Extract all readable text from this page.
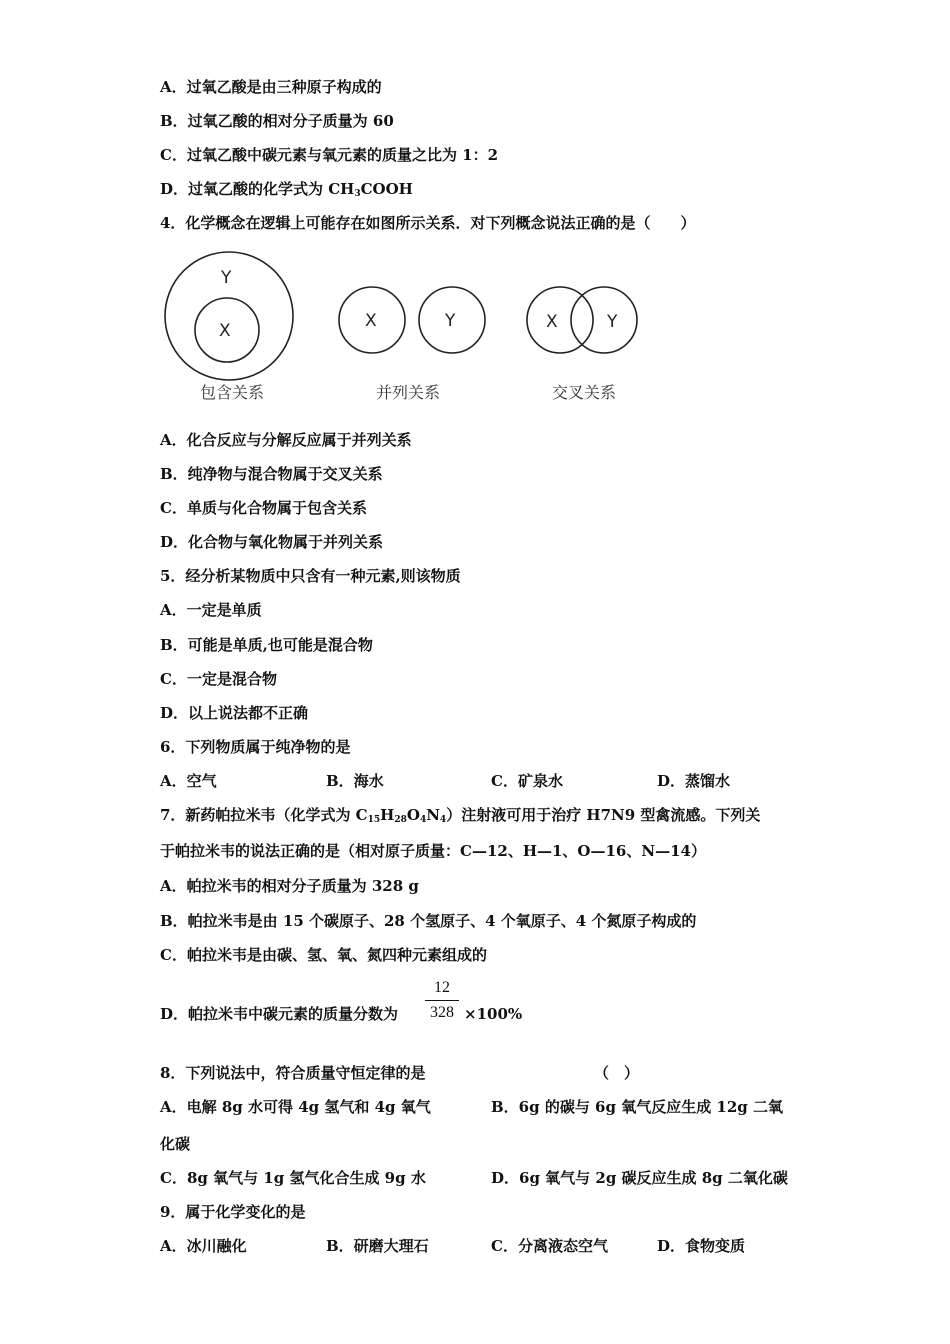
A．过氧乙酸是由三种原子构成的
B．过氧乙酸的相对分子质量为 60
C．过氧乙酸中碳元素与氧元素的质量之比为 1：2
D．过氧乙酸的化学式为 $CH_3COOH$
4．化学概念在逻辑上可能存在如图所示关系．对下列概念说法正确的是（　　）
Y
X
包含关系
X	Y
并列关系
X	Y
交叉关系
A．化合反应与分解反应属于并列关系
B．纯净物与混合物属于交叉关系
C．单质与化合物属于包含关系
D．化合物与氧化物属于并列关系
5．经分析某物质中只含有一种元素,则该物质
A．一定是单质
B．可能是单质,也可能是混合物
C．一定是混合物
D．以上说法都不正确
6．下列物质属于纯净物的是
A．空气	B．海水	C．矿泉水	D．蒸馏水
7．新药帕拉米韦（化学式为 $C_{15}H_{28}O_4N_4$）注射液可用于治疗 H7N9 型禽流感。下列关
于帕拉米韦的说法正确的是（相对原子质量：C—12、H—1、O—16、N—14）
A．帕拉米韦的相对分子质量为 328 g
B．帕拉米韦是由 15 个碳原子、28 个氢原子、4 个氧原子、4 个氮原子构成的
C．帕拉米韦是由碳、氢、氧、氮四种元素组成的
D．帕拉米韦中碳元素的质量分数为
12
328 ×100%
8．下列说法中，符合质量守恒定律的是	（　）
A．电解 8g 水可得 4g 氢气和 4g 氧气	B．6g 的碳与 6g 氧气反应生成 12g 二氧
化碳
C．8g 氧气与 1g 氢气化合生成 9g 水	D．6g 氧气与 2g 碳反应生成 8g 二氧化碳
9．属于化学变化的是
A．冰川融化	B．研磨大理石	C．分离液态空气	D．食物变质
